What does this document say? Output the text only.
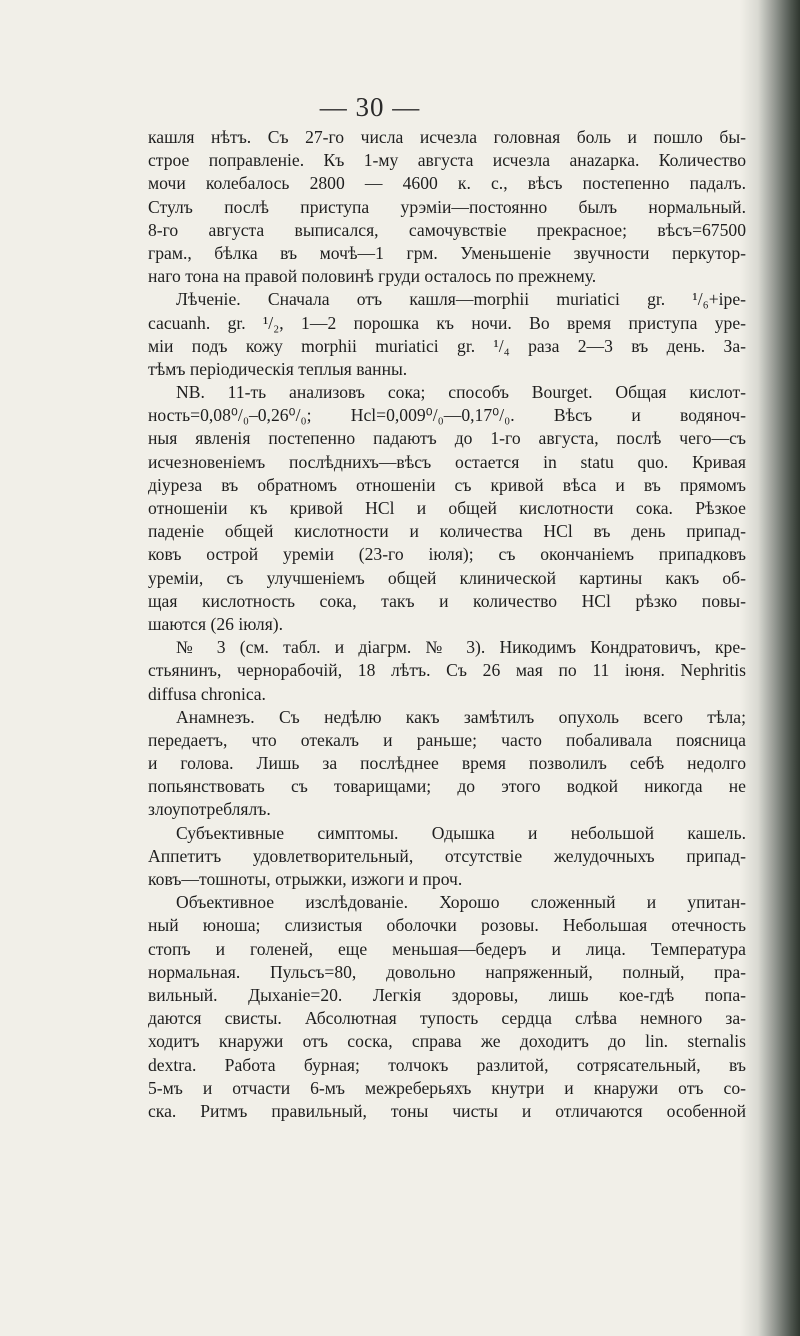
— 30 —
кашля нѣтъ. Съ 27-го числа исчезла головная боль и пошло бы-
строе поправленіе. Къ 1-му августа исчезла анazарка. Количество
мочи колебалось 2800 — 4600 к. с., вѣсъ постепенно падалъ.
Стулъ послѣ приступа урэміи—постоянно былъ нормальный.
8-го августа выписался, самочувствіе прекрасное; вѣсъ=67500
грам., бѣлка въ мочѣ—1 грм. Уменьшеніе звучности перкутор-
наго тона на правой половинѣ груди осталось по прежнему.
Лѣченіе. Сначала отъ кашля—morphii muriatici gr. ¹/₆+ipe-
сасuanh. gr. ¹/₂, 1—2 порошка къ ночи. Во время приступа уре-
міи подъ кожу morphii muriatici gr. ¹/₄ раза 2—3 въ день. За-
тѣмъ періодическія теплыя ванны.
NB. 11-ть анализовъ сока; способъ Bourget. Общая кислот-
ность=0,08⁰/₀–0,26⁰/₀; Hcl=0,009⁰/₀—0,17⁰/₀. Вѣсъ и водяноч-
ныя явленія постепенно падаютъ до 1-го августа, послѣ чего—съ
исчезновеніемъ послѣднихъ—вѣсъ остается in statu quo. Кривая
діуреза въ обратномъ отношеніи съ кривой вѣса и въ прямомъ
отношеніи къ кривой HCl и общей кислотности сока. Рѣзкое
паденіе общей кислотности и количества HCl въ день припад-
ковъ острой уреміи (23-го іюля); съ окончаніемъ припадковъ
уреміи, съ улучшеніемъ общей клинической картины какъ об-
щая кислотность сока, такъ и количество HCl рѣзко повы-
шаются (26 іюля).
№ 3 (см. табл. и діагрм. № 3). Никодимъ Кондратовичъ, кре-
стьянинъ, чернорабочій, 18 лѣтъ. Съ 26 мая по 11 іюня. Nephritis
diffusa chronica.
Анамнезъ. Съ недѣлю какъ замѣтилъ опухоль всего тѣла;
передаетъ, что отекалъ и раньше; часто побаливала поясница
и голова. Лишь за послѣднее время позволилъ себѣ недолго
попьянствовать съ товарищами; до этого водкой никогда не
злоупотреблялъ.
Субъективные симптомы. Одышка и небольшой кашель.
Аппетитъ удовлетворительный, отсутствіе желудочныхъ припад-
ковъ—тошноты, отрыжки, изжоги и проч.
Объективное изслѣдованіе. Хорошо сложенный и упитан-
ный юноша; слизистыя оболочки розовы. Небольшая отечность
стопъ и голеней, еще меньшая—бедеръ и лица. Температура
нормальная. Пульсъ=80, довольно напряженный, полный, пра-
вильный. Дыханіе=20. Легкія здоровы, лишь кое-гдѣ попа-
даются свисты. Абсолютная тупость сердца слѣва немного за-
ходитъ кнаружи отъ соска, справа же доходитъ до lin. sternalis
dextra. Работа бурная; толчокъ разлитой, сотрясательный, въ
5-мъ и отчасти 6-мъ межреберьяхъ кнутри и кнаружи отъ со-
ска. Ритмъ правильный, тоны чисты и отличаются особенной
